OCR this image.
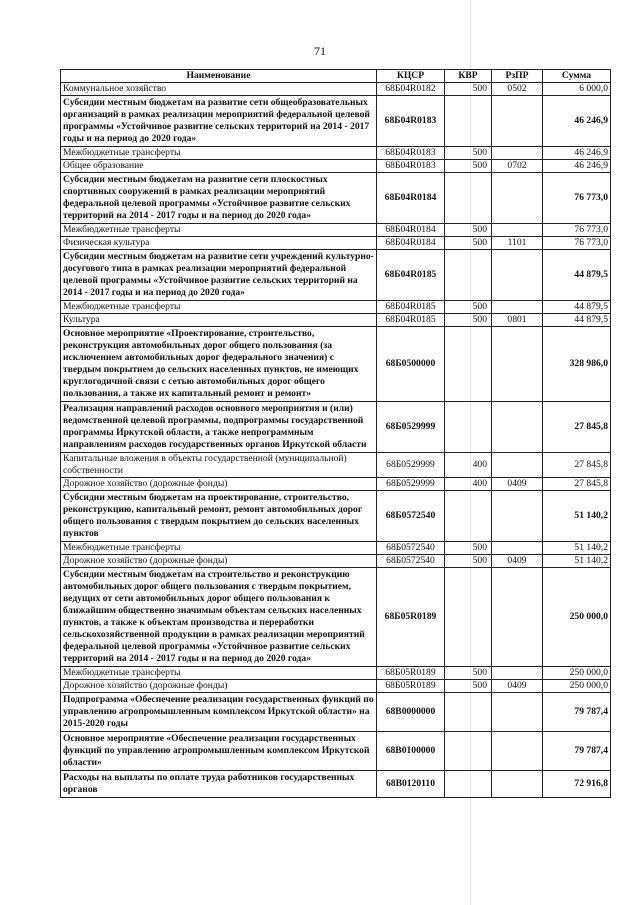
71
Наименование	КЦСР	КВР	РзПР	Сумма
Коммунальное хозяйство	68Б04R0182	500	0502	6 000,0
Субсидии местным бюджетам на развитие сети общеобразовательных организаций в рамках реализации мероприятий федеральной целевой программы «Устойчивое развитие сельских территорий на 2014 - 2017 годы и на период до 2020 года»	68Б04R0183			46 246,9
Межбюджетные трансферты	68Б04R0183	500		46 246,9
Общее образование	68Б04R0183	500	0702	46 246,9
Субсидии местным бюджетам на развитие сети плоскостных спортивных сооружений в рамках реализации мероприятий федеральной целевой программы «Устойчивое развитие сельских территорий на 2014 - 2017 годы и на период до 2020 года»	68Б04R0184			76 773,0
Межбюджетные трансферты	68Б04R0184	500		76 773,0
Физическая культура	68Б04R0184	500	1101	76 773,0
Субсидии местным бюджетам на развитие сети учреждений культурно-досугового типа в рамках реализации мероприятий федеральной целевой программы «Устойчивое развитие сельских территорий на 2014 - 2017 годы и на период до 2020 года»	68Б04R0185			44 879,5
Межбюджетные трансферты	68Б04R0185	500		44 879,5
Культура	68Б04R0185	500	0801	44 879,5
Основное мероприятие «Проектирование, строительство, реконструкция автомобильных дорог общего пользования (за исключением автомобильных дорог федерального значения) с твердым покрытием до сельских населенных пунктов, не имеющих круглогодичной связи с сетью автомобильных дорог общего пользования, а также их капитальный ремонт и ремонт»	68Б0500000			328 986,0
Реализация направлений расходов основного мероприятия и (или) ведомственной целевой программы, подпрограммы государственной программы Иркутской области, а также непрограммным направлениям расходов государственных органов Иркутской области	68Б0529999			27 845,8
Капитальные вложения в объекты государственной (муниципальной) собственности	68Б0529999	400		27 845,8
Дорожное хозяйство (дорожные фонды)	68Б0529999	400	0409	27 845,8
Субсидии местным бюджетам на проектирование, строительство, реконструкцию, капитальный ремонт, ремонт автомобильных дорог общего пользования с твердым покрытием до сельских населенных пунктов	68Б0572540			51 140,2
Межбюджетные трансферты	68Б0572540	500		51 140,2
Дорожное хозяйство (дорожные фонды)	68Б0572540	500	0409	51 140,2
Субсидии местным бюджетам на строительство и реконструкцию автомобильных дорог общего пользования с твердым покрытием, ведущих от сети автомобильных дорог общего пользования к ближайшим общественно значимым объектам сельских населенных пунктов, а также к объектам производства и переработки сельскохозяйственной продукции в рамках реализации мероприятий федеральной целевой программы «Устойчивое развитие сельских территорий на 2014 - 2017 годы и на период до 2020 года»	68Б05R0189			250 000,0
Межбюджетные трансферты	68Б05R0189	500		250 000,0
Дорожное хозяйство (дорожные фонды)	68Б05R0189	500	0409	250 000,0
Подпрограмма «Обеспечение реализации государственных функций по управлению агропромышленным комплексом Иркутской области» на 2015-2020 годы	68В0000000			79 787,4
Основное мероприятие «Обеспечение реализации государственных функций по управлению агропромышленным комплексом Иркутской области»	68В0100000			79 787,4
Расходы на выплаты по оплате труда работников государственных органов	68В0120110			72 916,8
